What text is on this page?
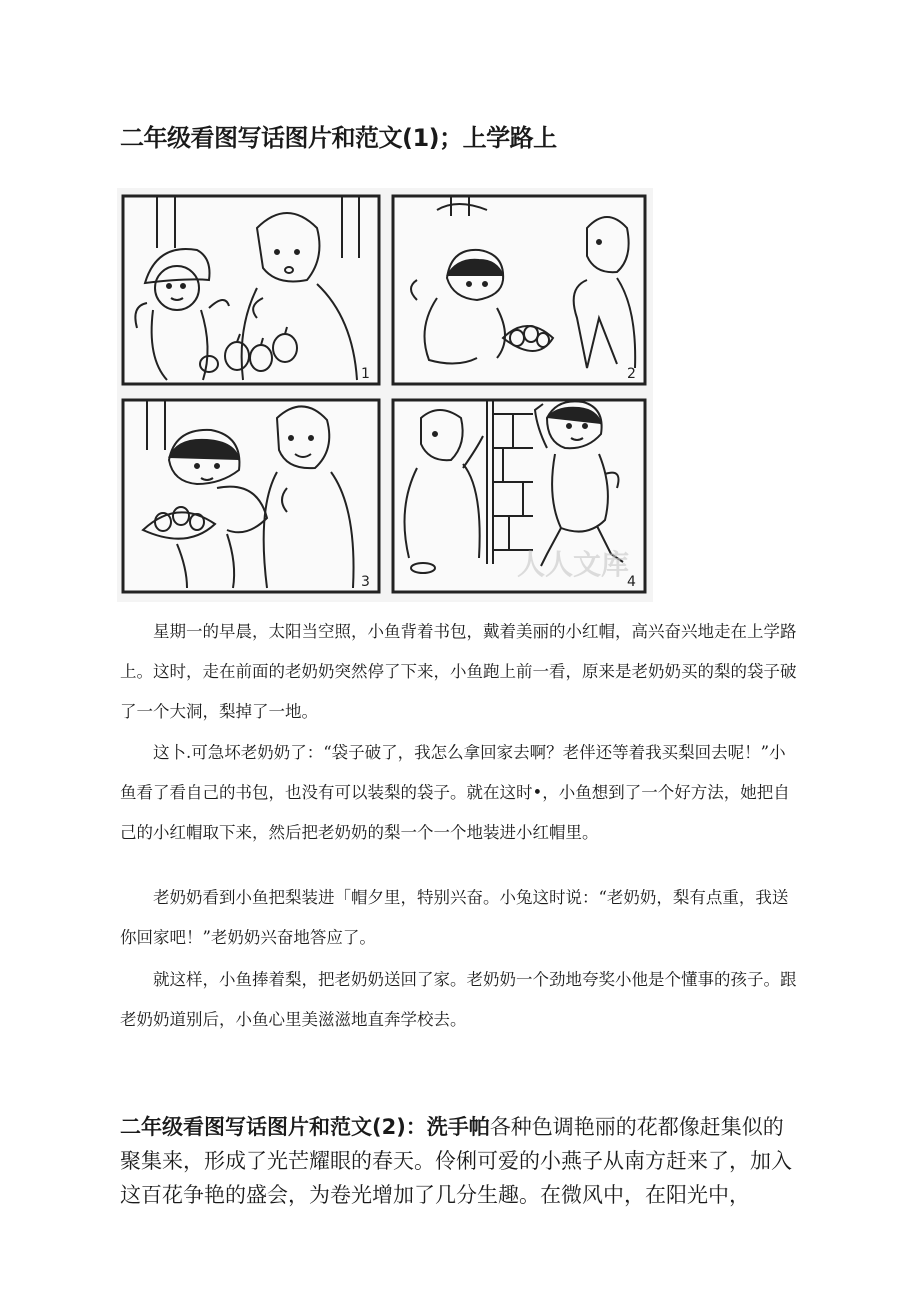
二年级看图写话图片和范文(1)；上学路上
1	2
3	4
人人文库

星期一的早晨，太阳当空照，小鱼背着书包，戴着美丽的小红帽，高兴奋兴地走在上学路上。这时，走在前面的老奶奶突然停了下来，小鱼跑上前一看，原来是老奶奶买的梨的袋子破了一个大洞，梨掉了一地。

这卜.可急坏老奶奶了：“袋子破了，我怎么拿回家去啊？老伴还等着我买梨回去呢！”小鱼看了看自己的书包，也没有可以装梨的袋子。就在这时•，小鱼想到了一个好方法，她把自己的小红帽取下来，然后把老奶奶的梨一个一个地装进小红帽里。

老奶奶看到小鱼把梨装进「帽夕里，特别兴奋。小兔这时说：“老奶奶，梨有点重，我送你回家吧！”老奶奶兴奋地答应了。

就这样，小鱼捧着梨，把老奶奶送回了家。老奶奶一个劲地夸奖小他是个懂事的孩子。跟老奶奶道别后，小鱼心里美滋滋地直奔学校去。

二年级看图写话图片和范文(2)：洗手帕各种色调艳丽的花都像赶集似的聚集来，形成了光芒耀眼的春天。伶俐可爱的小燕子从南方赶来了，加入这百花争艳的盛会，为卷光增加了几分生趣。在微风中，在阳光中，
